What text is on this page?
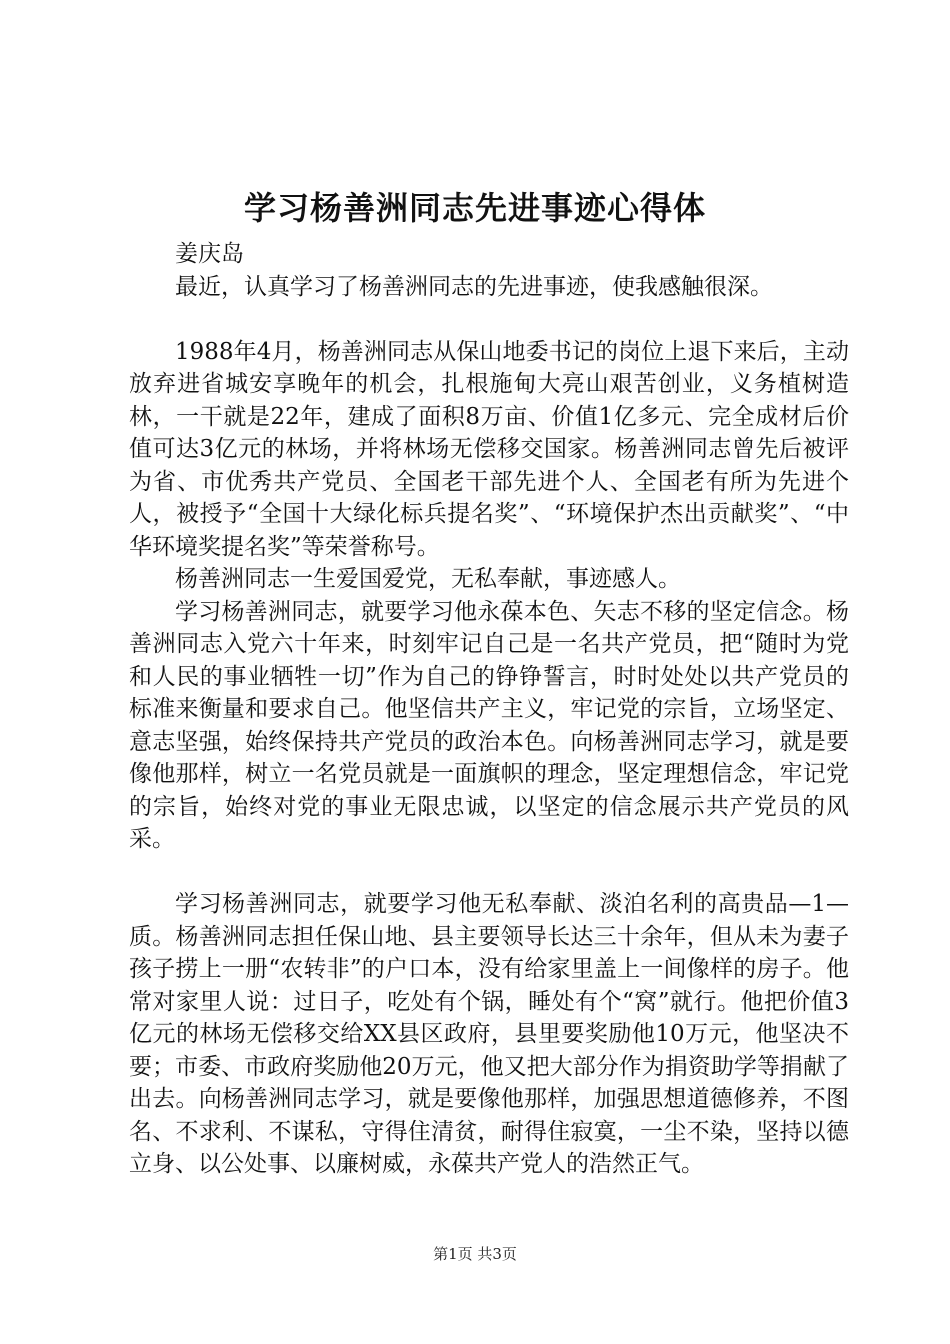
学习杨善洲同志先进事迹心得体

姜庆岛

最近，认真学习了杨善洲同志的先进事迹，使我感触很深。

1988年4月，杨善洲同志从保山地委书记的岗位上退下来后，主动放弃进省城安享晚年的机会，扎根施甸大亮山艰苦创业，义务植树造林，一干就是22年，建成了面积8万亩、价值1亿多元、完全成材后价值可达3亿元的林场，并将林场无偿移交国家。杨善洲同志曾先后被评为省、市优秀共产党员、全国老干部先进个人、全国老有所为先进个人，被授予“全国十大绿化标兵提名奖”、“环境保护杰出贡献奖”、“中华环境奖提名奖”等荣誉称号。

杨善洲同志一生爱国爱党，无私奉献，事迹感人。

学习杨善洲同志，就要学习他永葆本色、矢志不移的坚定信念。杨善洲同志入党六十年来，时刻牢记自己是一名共产党员，把“随时为党和人民的事业牺牲一切”作为自己的铮铮誓言，时时处处以共产党员的标准来衡量和要求自己。他坚信共产主义，牢记党的宗旨，立场坚定、意志坚强，始终保持共产党员的政治本色。向杨善洲同志学习，就是要像他那样，树立一名党员就是一面旗帜的理念，坚定理想信念，牢记党的宗旨，始终对党的事业无限忠诚，以坚定的信念展示共产党员的风采。

学习杨善洲同志，就要学习他无私奉献、淡泊名利的高贵品—1—质。杨善洲同志担任保山地、县主要领导长达三十余年，但从未为妻子孩子捞上一册“农转非”的户口本，没有给家里盖上一间像样的房子。他常对家里人说：过日子，吃处有个锅，睡处有个“窝”就行。他把价值3亿元的林场无偿移交给XX县区政府，县里要奖励他10万元，他坚决不要；市委、市政府奖励他20万元，他又把大部分作为捐资助学等捐献了出去。向杨善洲同志学习，就是要像他那样，加强思想道德修养，不图名、不求利、不谋私，守得住清贫，耐得住寂寞，一尘不染，坚持以德立身、以公处事、以廉树威，永葆共产党人的浩然正气。

第1页 共3页
